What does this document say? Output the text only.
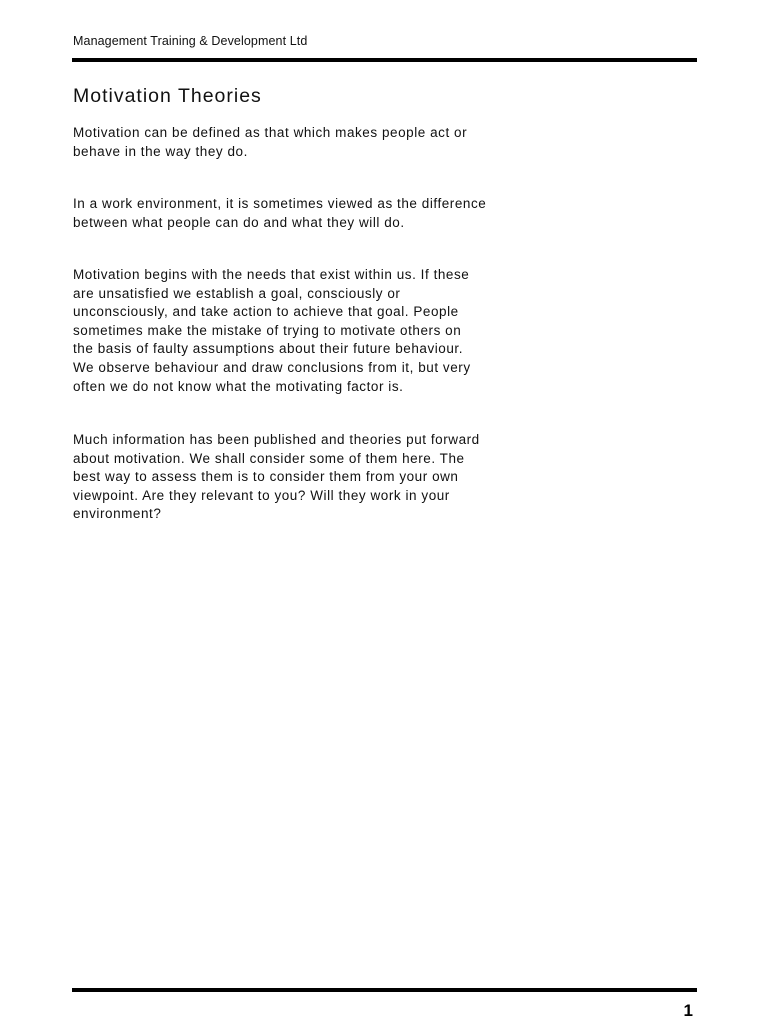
Management Training & Development Ltd
Motivation Theories

Motivation can be defined as that which makes people act or
behave in the way they do.

In a work environment, it is sometimes viewed as the difference
between what people can do and what they will do.

Motivation begins with the needs that exist within us. If these
are unsatisfied we establish a goal, consciously or
unconsciously, and take action to achieve that goal. People
sometimes make the mistake of trying to motivate others on
the basis of faulty assumptions about their future behaviour.
We observe behaviour and draw conclusions from it, but very
often we do not know what the motivating factor is.

Much information has been published and theories put forward
about motivation. We shall consider some of them here. The
best way to assess them is to consider them from your own
viewpoint. Are they relevant to you? Will they work in your
environment?

1
